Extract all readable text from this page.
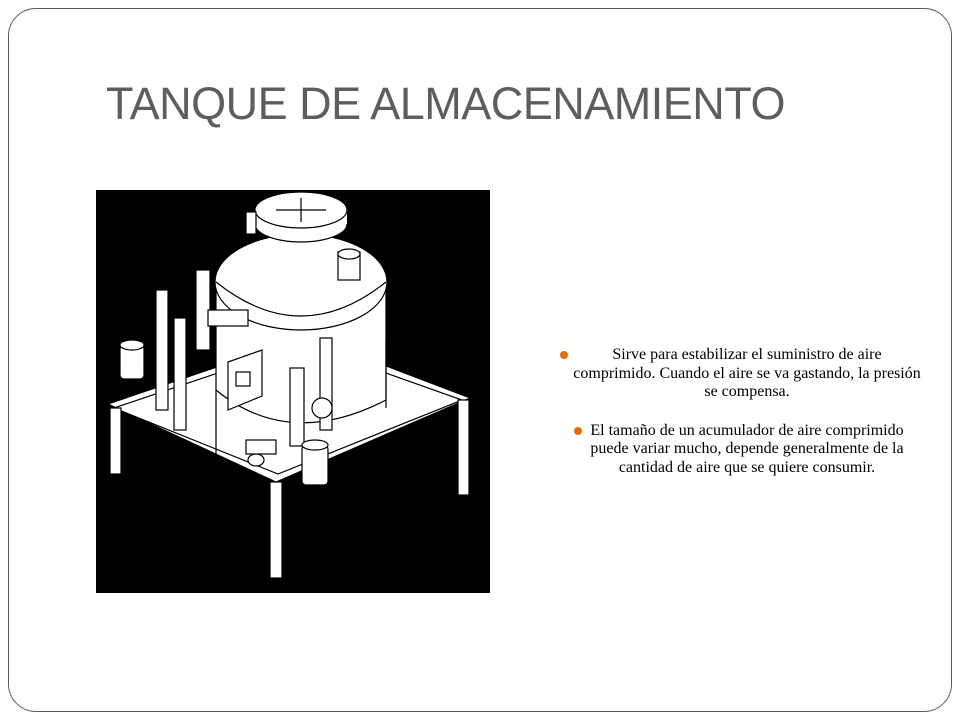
TANQUE DE ALMACENAMIENTO
Sirve para estabilizar el suministro de aire comprimido. Cuando el aire se va gastando, la presión se compensa.
El tamaño de un acumulador de aire comprimido puede variar mucho, depende generalmente de la cantidad de aire que se quiere consumir.
